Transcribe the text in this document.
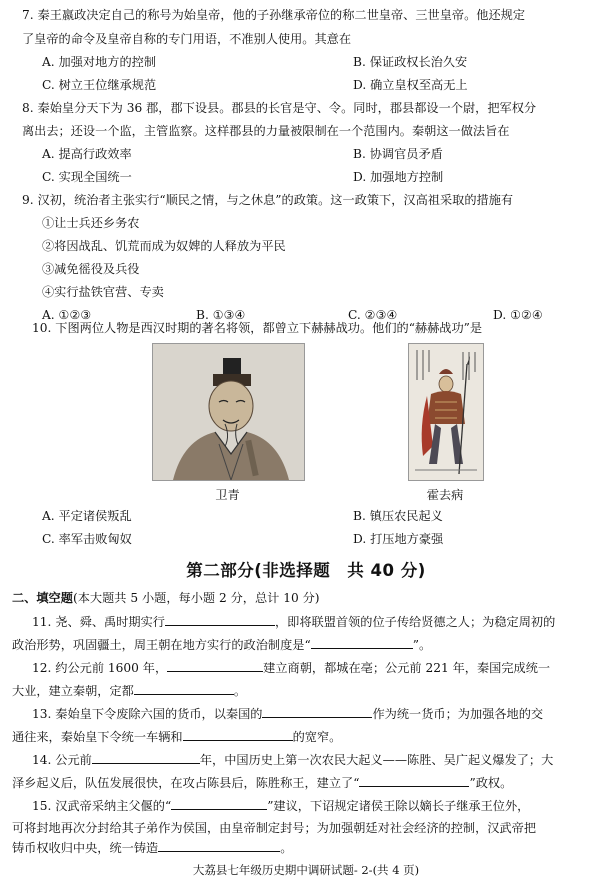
7. 秦王嬴政决定自己的称号为始皇帝，他的子孙继承帝位的称二世皇帝、三世皇帝。他还规定
了皇帝的命令及皇帝自称的专门用语，不准别人使用。其意在
A. 加强对地方的控制	B. 保证政权长治久安
C. 树立王位继承规范	D. 确立皇权至高无上
8. 秦始皇分天下为 36 郡，郡下设县。郡县的长官是守、令。同时，郡县都设一个尉，把军权分
离出去；还设一个监，主管监察。这样郡县的力量被限制在一个范围内。秦朝这一做法旨在
A. 提高行政效率	B. 协调官员矛盾
C. 实现全国统一	D. 加强地方控制
9. 汉初，统治者主张实行“顺民之情，与之休息”的政策。这一政策下，汉高祖采取的措施有
①让士兵还乡务农
②将因战乱、饥荒而成为奴婢的人释放为平民
③减免徭役及兵役
④实行盐铁官营、专卖
A. ①②③	B. ①③④	C. ②③④	D. ①②④
10. 下图两位人物是西汉时期的著名将领，都曾立下赫赫战功。他们的“赫赫战功”是
卫青	霍去病
A. 平定诸侯叛乱	B. 镇压农民起义
C. 率军击败匈奴	D. 打压地方豪强
第二部分(非选择题　共 40 分)
二、填空题(本大题共 5 小题，每小题 2 分，总计 10 分)
11. 尧、舜、禹时期实行	，即将联盟首领的位子传给贤德之人；为稳定周初的
政治形势，巩固疆土，周王朝在地方实行的政治制度是“	”。
12. 约公元前 1600 年，	建立商朝，都城在亳；公元前 221 年，秦国完成统一
大业，建立秦朝，定都	。
13. 秦始皇下令废除六国的货币，以秦国的	作为统一货币；为加强各地的交
通往来，秦始皇下令统一车辆和	的宽窄。
14. 公元前	年，中国历史上第一次农民大起义——陈胜、吴广起义爆发了；大
泽乡起义后，队伍发展很快，在攻占陈县后，陈胜称王，建立了“	”政权。
15. 汉武帝采纳主父偃的“	”建议，下诏规定诸侯王除以嫡长子继承王位外，
可将封地再次分封给其子弟作为侯国，由皇帝制定封号；为加强朝廷对社会经济的控制，汉武帝把
铸币权收归中央，统一铸造	。
大荔县七年级历史期中调研试题- 2-(共 4 页)
